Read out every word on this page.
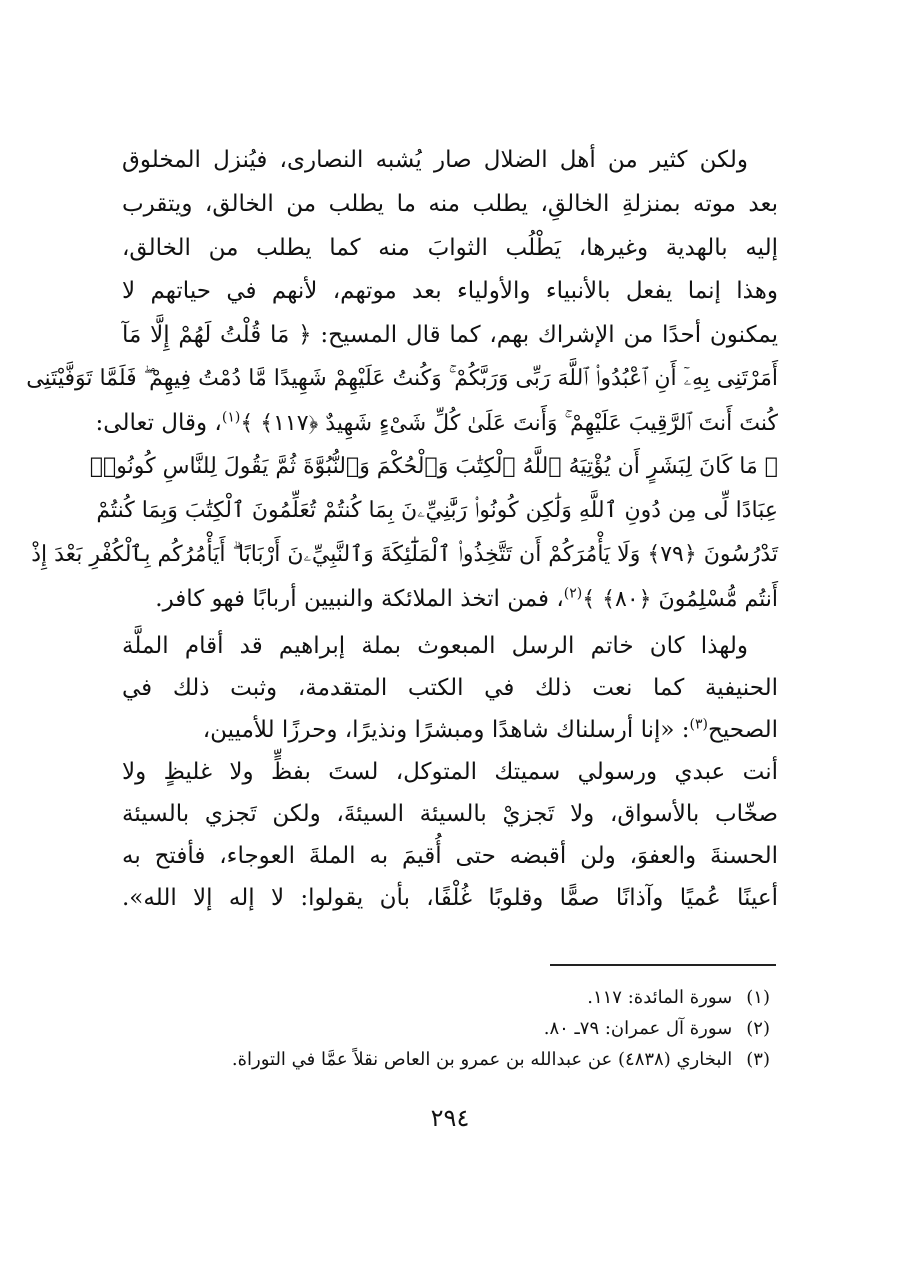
ولكن كثير من أهل الضلال صار يُشبه النصارى، فيُنزل المخلوق
بعد موته بمنزلةِ الخالقِ، يطلب منه ما يطلب من الخالق، ويتقرب
إليه بالهدية وغيرها، يَطْلُب الثوابَ منه كما يطلب من الخالق،
وهذا إنما يفعل بالأنبياء والأولياء بعد موتهم، لأنهم في حياتهم لا
يمكنون أحدًا من الإشراك بهم، كما قال المسيح: ﴿ مَا قُلْتُ لَهُمْ إِلَّا مَآ
أَمَرْتَنِى بِهِۦٓ أَنِ ٱعْبُدُوا۟ ٱللَّهَ رَبِّى وَرَبَّكُمْ ۚ وَكُنتُ عَلَيْهِمْ شَهِيدًا مَّا دُمْتُ فِيهِمْ ۖ فَلَمَّا تَوَفَّيْتَنِى
كُنتَ أَنتَ ٱلرَّقِيبَ عَلَيْهِمْ ۚ وَأَنتَ عَلَىٰ كُلِّ شَىْءٍ شَهِيدٌ ﴿١١٧﴾ ﴾$^{(١)}$، وقال تعالى:
﴿ مَا كَانَ لِبَشَرٍ أَن يُؤْتِيَهُ ٱللَّهُ ٱلْكِتَٰبَ وَٱلْحُكْمَ وَٱلنُّبُوَّةَ ثُمَّ يَقُولَ لِلنَّاسِ كُونُوا۟
عِبَادًا لِّى مِن دُونِ ٱللَّهِ وَلَٰكِن كُونُوا۟ رَبَّٰنِيِّۦنَ بِمَا كُنتُمْ تُعَلِّمُونَ ٱلْكِتَٰبَ وَبِمَا كُنتُمْ
تَدْرُسُونَ ﴿٧٩﴾ وَلَا يَأْمُرَكُمْ أَن تَتَّخِذُوا۟ ٱلْمَلَٰٓئِكَةَ وَٱلنَّبِيِّۦنَ أَرْبَابًا ۗ أَيَأْمُرُكُم بِٱلْكُفْرِ بَعْدَ إِذْ
أَنتُم مُّسْلِمُونَ ﴿٨٠﴾ ﴾$^{(٢)}$، فمن اتخذ الملائكة والنبيين أربابًا فهو كافر.
ولهذا كان خاتم الرسل المبعوث بملة إبراهيم قد أقام الملَّة
الحنيفية كما نعت ذلك في الكتب المتقدمة، وثبت ذلك في
الصحيح$^{(٣)}$: «إنا أرسلناك شاهدًا ومبشرًا ونذيرًا، وحرزًا للأميين،
أنت عبدي ورسولي سميتك المتوكل، لستَ بفظٍّ ولا غليظٍ ولا
صخّاب بالأسواق، ولا تَجزيْ بالسيئة السيئةَ، ولكن تَجزي بالسيئة
الحسنةَ والعفوَ، ولن أقبضه حتى أُقيمَ به الملةَ العوجاء، فأفتح به
أعينًا عُميًا وآذانًا صمًّا وقلوبًا غُلْفًا، بأن يقولوا: لا إله إلا الله».
(١)سورة المائدة: ١١٧.
(٢)سورة آل عمران: ٧٩ـ ٨٠.
(٣)البخاري (٤٨٣٨) عن عبدالله بن عمرو بن العاص نقلاً عمَّا في التوراة.
٢٩٤
